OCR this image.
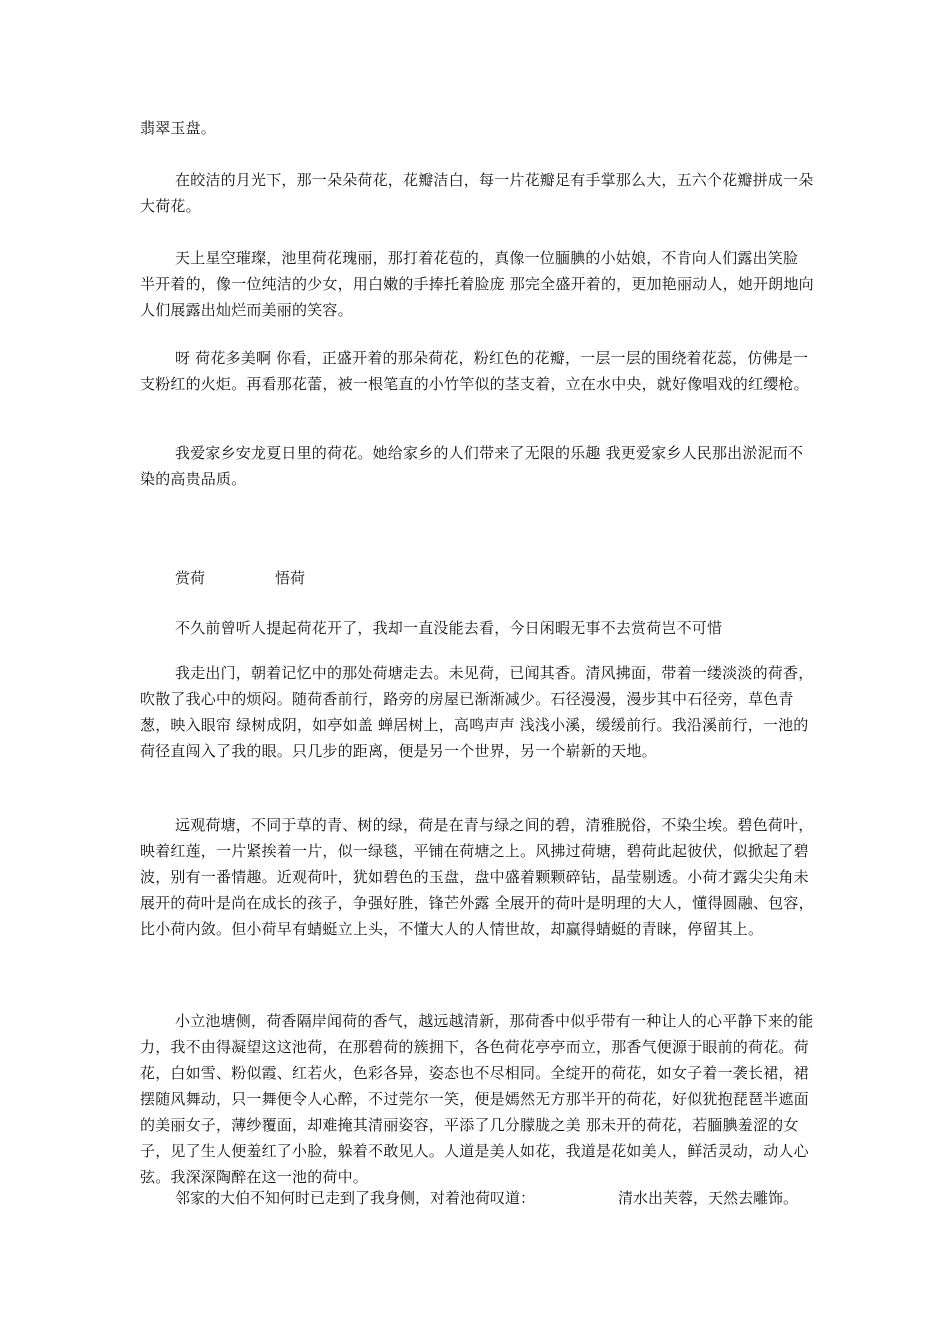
翡翠玉盘。

在皎洁的月光下，那一朵朵荷花，花瓣洁白，每一片花瓣足有手掌那么大，五六个花瓣拼成一朵大荷花。

天上星空璀璨，池里荷花瑰丽，那打着花苞的，真像一位腼腆的小姑娘，不肯向人们露出笑脸 半开着的，像一位纯洁的少女，用白嫩的手捧托着脸庞 那完全盛开着的，更加艳丽动人，她开朗地向人们展露出灿烂而美丽的笑容。

呀 荷花多美啊 你看，正盛开着的那朵荷花，粉红色的花瓣，一层一层的围绕着花蕊，仿佛是一支粉红的火炬。再看那花蕾，被一根笔直的小竹竿似的茎支着，立在水中央，就好像唱戏的红缨枪。

我爱家乡安龙夏日里的荷花。她给家乡的人们带来了无限的乐趣 我更爱家乡人民那出淤泥而不染的高贵品质。

赏荷	悟荷

不久前曾听人提起荷花开了，我却一直没能去看，今日闲暇无事不去赏荷岂不可惜

我走出门，朝着记忆中的那处荷塘走去。未见荷，已闻其香。清风拂面，带着一缕淡淡的荷香，吹散了我心中的烦闷。随荷香前行，路旁的房屋已渐渐减少。石径漫漫，漫步其中石径旁，草色青葱，映入眼帘 绿树成阴，如亭如盖 蝉居树上，高鸣声声 浅浅小溪，缓缓前行。我沿溪前行，一池的荷径直闯入了我的眼。只几步的距离，便是另一个世界，另一个崭新的天地。

远观荷塘，不同于草的青、树的绿，荷是在青与绿之间的碧，清雅脱俗，不染尘埃。碧色荷叶，映着红莲，一片紧挨着一片，似一绿毯，平铺在荷塘之上。风拂过荷塘，碧荷此起彼伏，似掀起了碧波，别有一番情趣。近观荷叶，犹如碧色的玉盘，盘中盛着颗颗碎钻，晶莹剔透。小荷才露尖尖角未展开的荷叶是尚在成长的孩子，争强好胜，锋芒外露 全展开的荷叶是明理的大人，懂得圆融、包容，比小荷内敛。但小荷早有蜻蜓立上头，不懂大人的人情世故，却赢得蜻蜓的青睐，停留其上。

小立池塘侧，荷香隔岸闻荷的香气，越远越清新，那荷香中似乎带有一种让人的心平静下来的能力，我不由得凝望这这池荷，在那碧荷的簇拥下，各色荷花亭亭而立，那香气便源于眼前的荷花。荷花，白如雪、粉似霞、红若火，色彩各异，姿态也不尽相同。全绽开的荷花，如女子着一袭长裙，裙摆随风舞动，只一舞便令人心醉，不过莞尔一笑，便是嫣然无方那半开的荷花，好似犹抱琵琶半遮面的美丽女子，薄纱覆面，却难掩其清丽姿容，平添了几分朦胧之美 那未开的荷花，若腼腆羞涩的女子，见了生人便羞红了小脸，躲着不敢见人。人道是美人如花，我道是花如美人，鲜活灵动，动人心弦。我深深陶醉在这一池的荷中。

邻家的大伯不知何时已走到了我身侧，对着池荷叹道：	清水出芙蓉，天然去雕饰。
